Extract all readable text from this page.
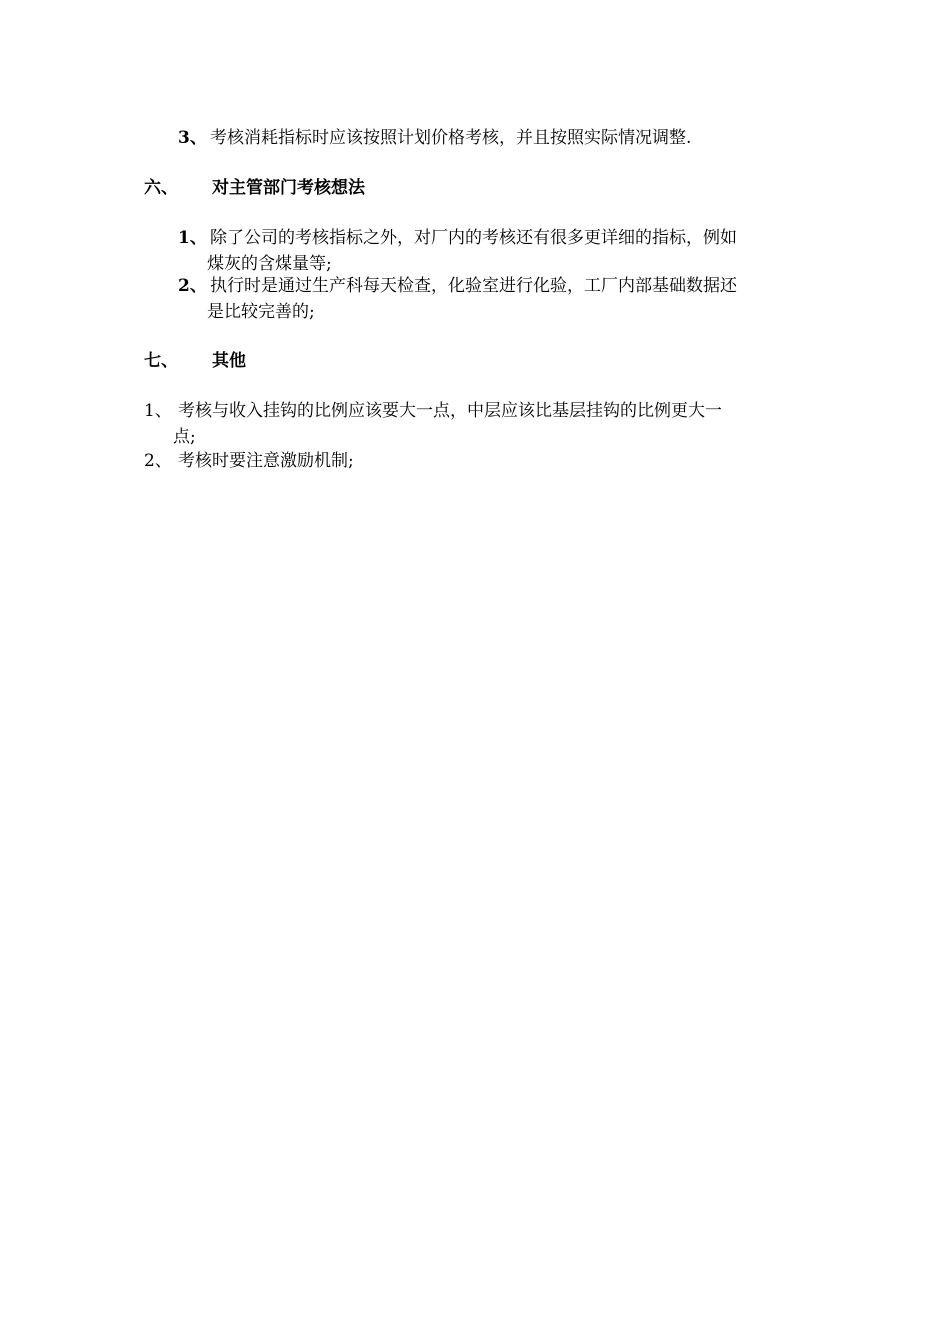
3、 考核消耗指标时应该按照计划价格考核，并且按照实际情况调整.
六、 对主管部门考核想法
1、 除了公司的考核指标之外，对厂内的考核还有很多更详细的指标，例如
煤灰的含煤量等;
2、 执行时是通过生产科每天检查，化验室进行化验，工厂内部基础数据还
是比较完善的;
七、 其他
1、 考核与收入挂钩的比例应该要大一点，中层应该比基层挂钩的比例更大一
点;
2、 考核时要注意激励机制;
